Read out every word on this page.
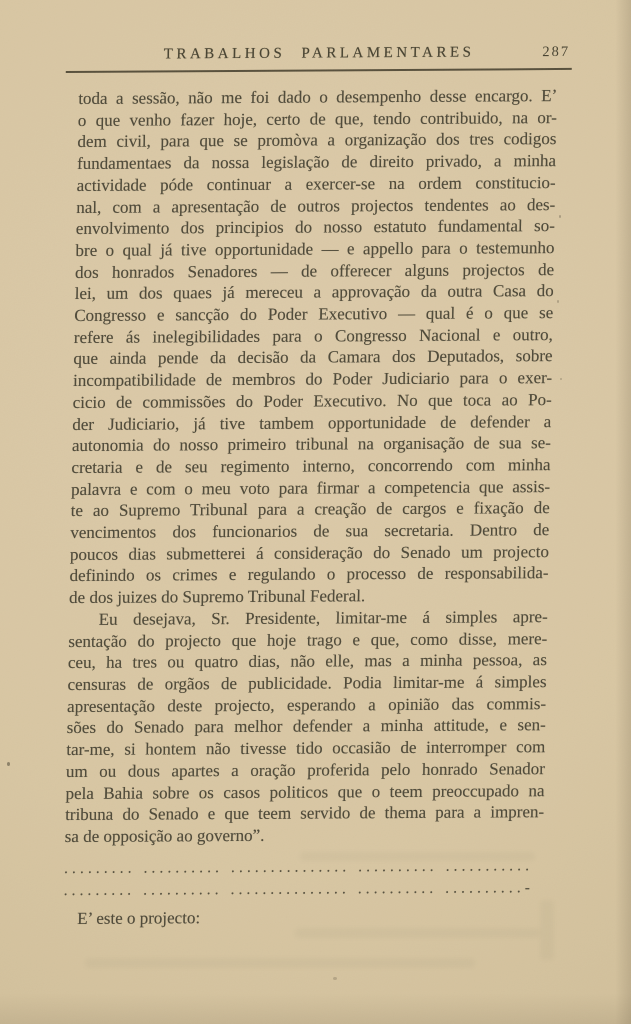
TRABALHOS PARLAMENTARES	287
toda a sessão, não me foi dado o desempenho desse encargo. E’
o que venho fazer hoje, certo de que, tendo contribuido, na or-
dem civil, para que se promòva a organização dos tres codigos
fundamentaes da nossa legislação de direito privado, a minha
actividade póde continuar a exercer-se na ordem constitucio-
nal, com a apresentação de outros projectos tendentes ao des-
envolvimento dos principios do nosso estatuto fundamental so-
bre o qual já tive opportunidade — e appello para o testemunho
dos honrados Senadores — de offerecer alguns projectos de
lei, um dos quaes já mereceu a approvação da outra Casa do
Congresso e sancção do Poder Executivo — qual é o que se
refere ás inelegibilidades para o Congresso Nacional e outro,
que ainda pende da decisão da Camara dos Deputados, sobre
incompatibilidade de membros do Poder Judiciario para o exer-
cicio de commissões do Poder Executivo. No que toca ao Po-
der Judiciario, já tive tambem opportunidade de defender a
autonomia do nosso primeiro tribunal na organisação de sua se-
cretaria e de seu regimento interno, concorrendo com minha
palavra e com o meu voto para firmar a competencia que assis-
te ao Supremo Tribunal para a creação de cargos e fixação de
vencimentos dos funcionarios de sua secretaria. Dentro de
poucos dias submetterei á consideração do Senado um projecto
definindo os crimes e regulando o processo de responsabilida-
de dos juizes do Supremo Tribunal Federal.
Eu desejava, Sr. Presidente, limitar-me á simples apre-
sentação do projecto que hoje trago e que, como disse, mere-
ceu, ha tres ou quatro dias, não elle, mas a minha pessoa, as
censuras de orgãos de publicidade. Podia limitar-me á simples
apresentação deste projecto, esperando a opinião das commis-
sões do Senado para melhor defender a minha attitude, e sen-
tar-me, si hontem não tivesse tido occasião de interromper com
um ou dous apartes a oração proferida pelo honrado Senador
pela Bahia sobre os casos politicos que o teem preoccupado na
tribuna do Senado e que teem servido de thema para a impren-
sa de opposição ao governo”.
......... .......... ............... .......... ...........
......... .......... ............... .......... ..........-
E’ este o projecto:
